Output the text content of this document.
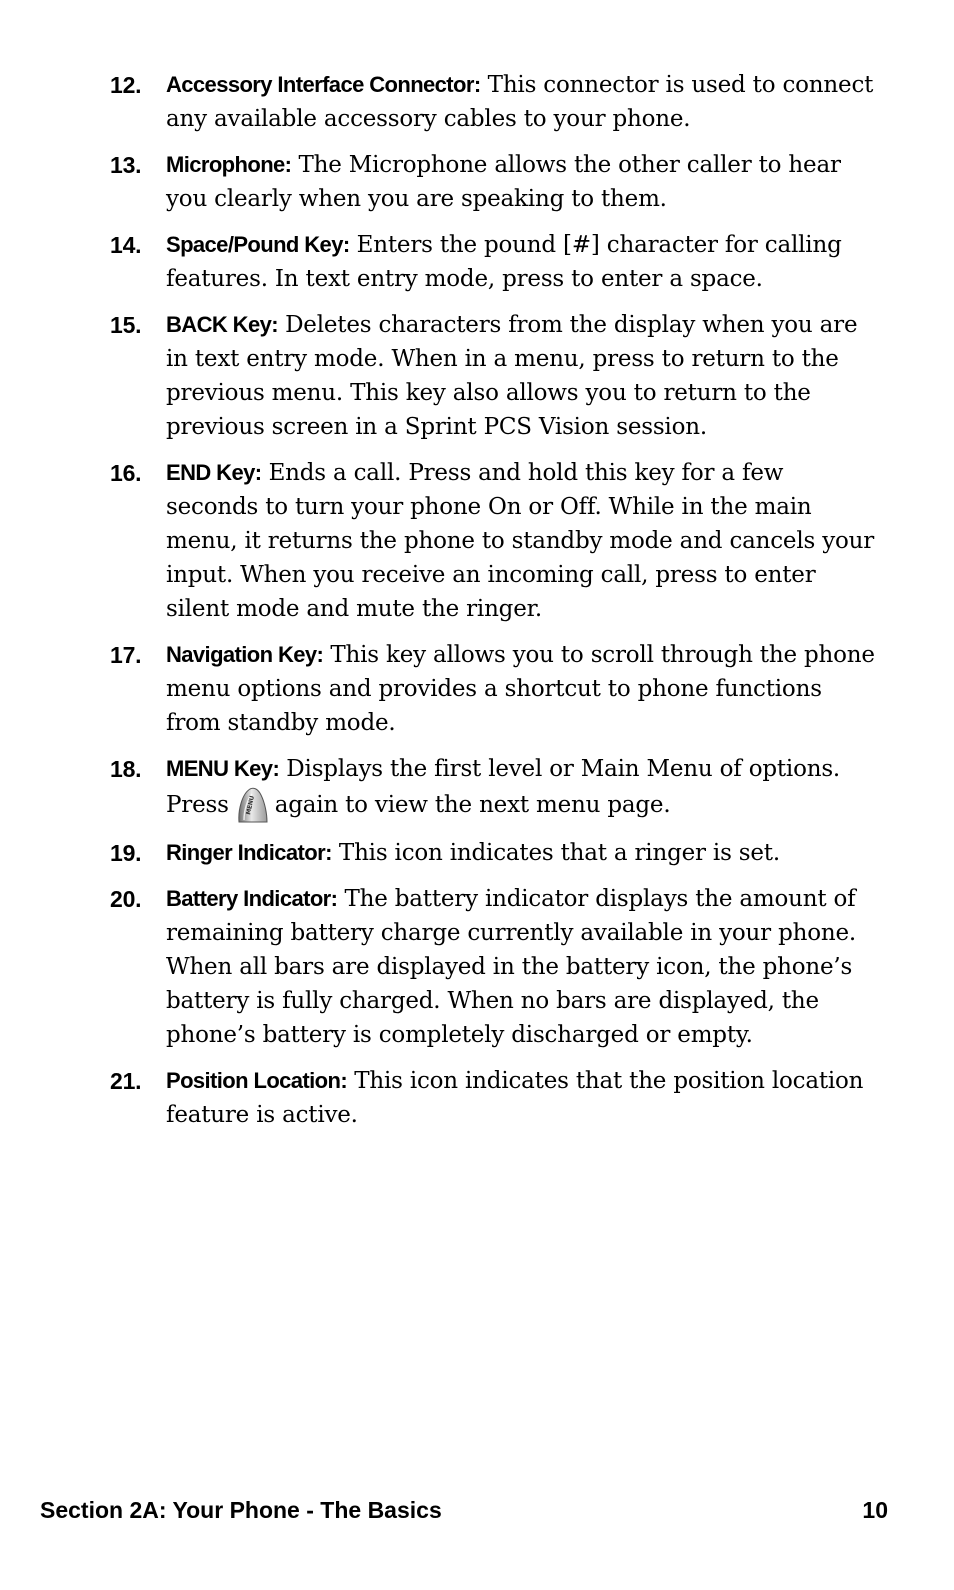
12. Accessory Interface Connector: This connector is used to connect any available accessory cables to your phone.
13. Microphone: The Microphone allows the other caller to hear you clearly when you are speaking to them.
14. Space/Pound Key: Enters the pound [#] character for calling features. In text entry mode, press to enter a space.
15. BACK Key: Deletes characters from the display when you are in text entry mode. When in a menu, press to return to the previous menu. This key also allows you to return to the previous screen in a Sprint PCS Vision session.
16. END Key: Ends a call. Press and hold this key for a few seconds to turn your phone On or Off. While in the main menu, it returns the phone to standby mode and cancels your input. When you receive an incoming call, press to enter silent mode and mute the ringer.
17. Navigation Key: This key allows you to scroll through the phone menu options and provides a shortcut to phone functions from standby mode.
18. MENU Key: Displays the first level or Main Menu of options.
Press	MENU again to view the next menu page.
19. Ringer Indicator: This icon indicates that a ringer is set.
20. Battery Indicator: The battery indicator displays the amount of remaining battery charge currently available in your phone. When all bars are displayed in the battery icon, the phone’s battery is fully charged. When no bars are displayed, the phone’s battery is completely discharged or empty.
21. Position Location: This icon indicates that the position location feature is active.
Section 2A: Your Phone - The Basics	10
